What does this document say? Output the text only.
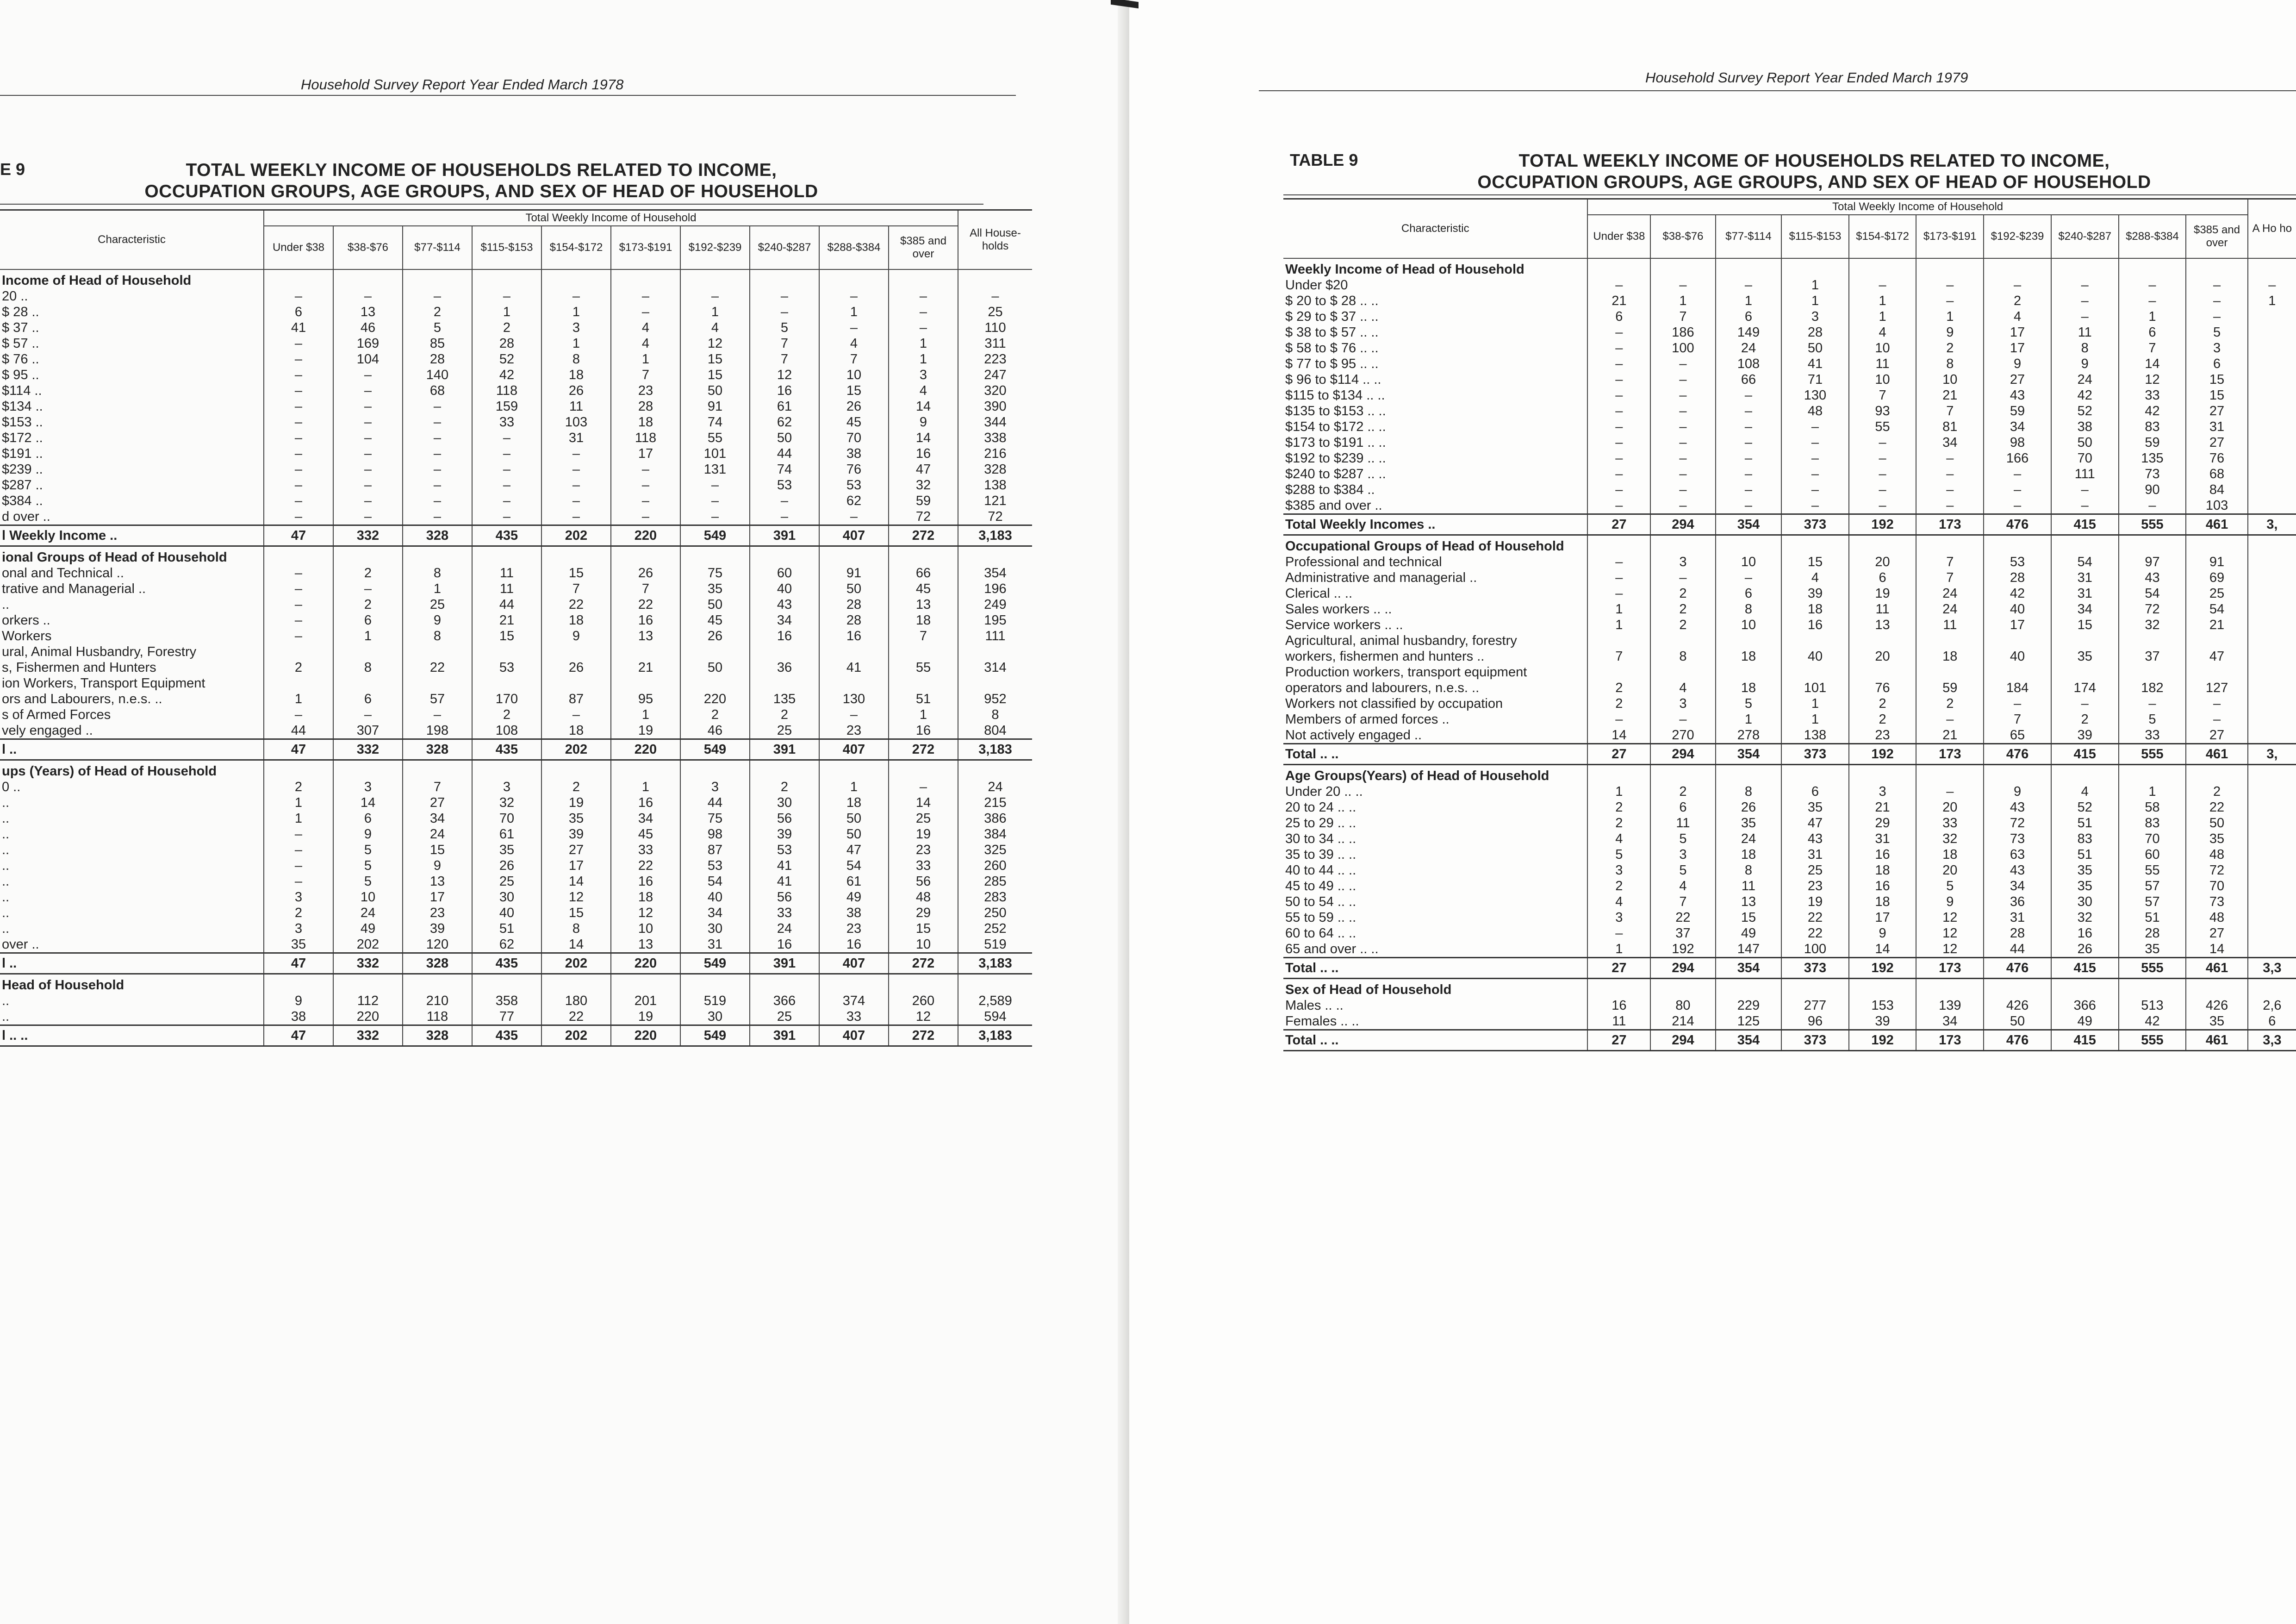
Household Survey Report Year Ended March 1978
E 9	TOTAL WEEKLY INCOME OF HOUSEHOLDS RELATED TO INCOME,
OCCUPATION GROUPS, AGE GROUPS, AND SEX OF HEAD OF HOUSEHOLD
Characteristic	Total Weekly Income of Household										All House-holds
	Under $38	$38-$76	$77-$114	$115-$153	$154-$172	$173-$191	$192-$239	$240-$287	$288-$384	$385 and over	
Income of Head of Household											
20 ..	–	–	–	–	–	–	–	–	–	–	–
$ 28 ..	6	13	2	1	1	–	1	–	1	–	25
$ 37 ..	41	46	5	2	3	4	4	5	–	–	110
$ 57 ..	–	169	85	28	1	4	12	7	4	1	311
$ 76 ..	–	104	28	52	8	1	15	7	7	1	223
$ 95 ..	–	–	140	42	18	7	15	12	10	3	247
$114 ..	–	–	68	118	26	23	50	16	15	4	320
$134 ..	–	–	–	159	11	28	91	61	26	14	390
$153 ..	–	–	–	33	103	18	74	62	45	9	344
$172 ..	–	–	–	–	31	118	55	50	70	14	338
$191 ..	–	–	–	–	–	17	101	44	38	16	216
$239 ..	–	–	–	–	–	–	131	74	76	47	328
$287 ..	–	–	–	–	–	–	–	53	53	32	138
$384 ..	–	–	–	–	–	–	–	–	62	59	121
d over ..	–	–	–	–	–	–	–	–	–	72	72
l Weekly Income ..	47	332	328	435	202	220	549	391	407	272	3,183
ional Groups of Head of Household											
onal and Technical ..	–	2	8	11	15	26	75	60	91	66	354
trative and Managerial ..	–	–	1	11	7	7	35	40	50	45	196
..	–	2	25	44	22	22	50	43	28	13	249
orkers ..	–	6	9	21	18	16	45	34	28	18	195
Workers	–	1	8	15	9	13	26	16	16	7	111
ural, Animal Husbandry, Forestry											
s, Fishermen and Hunters	2	8	22	53	26	21	50	36	41	55	314
ion Workers, Transport Equipment											
ors and Labourers, n.e.s. ..	1	6	57	170	87	95	220	135	130	51	952
s of Armed Forces	–	–	–	2	–	1	2	2	–	1	8
vely engaged ..	44	307	198	108	18	19	46	25	23	16	804
l ..	47	332	328	435	202	220	549	391	407	272	3,183
ups (Years) of Head of Household											
0 ..	2	3	7	3	2	1	3	2	1	–	24
..	1	14	27	32	19	16	44	30	18	14	215
..	1	6	34	70	35	34	75	56	50	25	386
..	–	9	24	61	39	45	98	39	50	19	384
..	–	5	15	35	27	33	87	53	47	23	325
..	–	5	9	26	17	22	53	41	54	33	260
..	–	5	13	25	14	16	54	41	61	56	285
..	3	10	17	30	12	18	40	56	49	48	283
..	2	24	23	40	15	12	34	33	38	29	250
..	3	49	39	51	8	10	30	24	23	15	252
over ..	35	202	120	62	14	13	31	16	16	10	519
l ..	47	332	328	435	202	220	549	391	407	272	3,183
Head of Household											
..	9	112	210	358	180	201	519	366	374	260	2,589
..	38	220	118	77	22	19	30	25	33	12	594
l .. ..	47	332	328	435	202	220	549	391	407	272	3,183
Household Survey Report Year Ended March 1979
TABLE 9	TOTAL WEEKLY INCOME OF HOUSEHOLDS RELATED TO INCOME,
OCCUPATION GROUPS, AGE GROUPS, AND SEX OF HEAD OF HOUSEHOLD
Characteristic	Total Weekly Income of Household										A Ho ho
	Under $38	$38-$76	$77-$114	$115-$153	$154-$172	$173-$191	$192-$239	$240-$287	$288-$384	$385 and over	
Weekly Income of Head of Household											
Under $20	–	–	–	1	–	–	–	–	–	–	–
$ 20 to $ 28 .. ..	21	1	1	1	1	–	2	–	–	–	1
$ 29 to $ 37 .. ..	6	7	6	3	1	1	4	–	1	–	
$ 38 to $ 57 .. ..	–	186	149	28	4	9	17	11	6	5	
$ 58 to $ 76 .. ..	–	100	24	50	10	2	17	8	7	3	
$ 77 to $ 95 .. ..	–	–	108	41	11	8	9	9	14	6	
$ 96 to $114 .. ..	–	–	66	71	10	10	27	24	12	15	
$115 to $134 .. ..	–	–	–	130	7	21	43	42	33	15	
$135 to $153 .. ..	–	–	–	48	93	7	59	52	42	27	
$154 to $172 .. ..	–	–	–	–	55	81	34	38	83	31	
$173 to $191 .. ..	–	–	–	–	–	34	98	50	59	27	
$192 to $239 .. ..	–	–	–	–	–	–	166	70	135	76	
$240 to $287 .. ..	–	–	–	–	–	–	–	111	73	68	
$288 to $384 ..	–	–	–	–	–	–	–	–	90	84	
$385 and over ..	–	–	–	–	–	–	–	–	–	103	
Total Weekly Incomes ..	27	294	354	373	192	173	476	415	555	461	3,
Occupational Groups of Head of Household											
Professional and technical	–	3	10	15	20	7	53	54	97	91	
Administrative and managerial ..	–	–	–	4	6	7	28	31	43	69	
Clerical .. ..	–	2	6	39	19	24	42	31	54	25	
Sales workers .. ..	1	2	8	18	11	24	40	34	72	54	
Service workers .. ..	1	2	10	16	13	11	17	15	32	21	
Agricultural, animal husbandry, forestry											
workers, fishermen and hunters ..	7	8	18	40	20	18	40	35	37	47	
Production workers, transport equipment											
operators and labourers, n.e.s. ..	2	4	18	101	76	59	184	174	182	127	
Workers not classified by occupation	2	3	5	1	2	2	–	–	–	–	
Members of armed forces ..	–	–	1	1	2	–	7	2	5	–	
Not actively engaged ..	14	270	278	138	23	21	65	39	33	27	
Total .. ..	27	294	354	373	192	173	476	415	555	461	3,
Age Groups(Years) of Head of Household											
Under 20 .. ..	1	2	8	6	3	–	9	4	1	2	
20 to 24 .. ..	2	6	26	35	21	20	43	52	58	22	
25 to 29 .. ..	2	11	35	47	29	33	72	51	83	50	
30 to 34 .. ..	4	5	24	43	31	32	73	83	70	35	
35 to 39 .. ..	5	3	18	31	16	18	63	51	60	48	
40 to 44 .. ..	3	5	8	25	18	20	43	35	55	72	
45 to 49 .. ..	2	4	11	23	16	5	34	35	57	70	
50 to 54 .. ..	4	7	13	19	18	9	36	30	57	73	
55 to 59 .. ..	3	22	15	22	17	12	31	32	51	48	
60 to 64 .. ..	–	37	49	22	9	12	28	16	28	27	
65 and over .. ..	1	192	147	100	14	12	44	26	35	14	
Total .. ..	27	294	354	373	192	173	476	415	555	461	3,3
Sex of Head of Household											
Males .. ..	16	80	229	277	153	139	426	366	513	426	2,6
Females .. ..	11	214	125	96	39	34	50	49	42	35	6
Total .. ..	27	294	354	373	192	173	476	415	555	461	3,3
